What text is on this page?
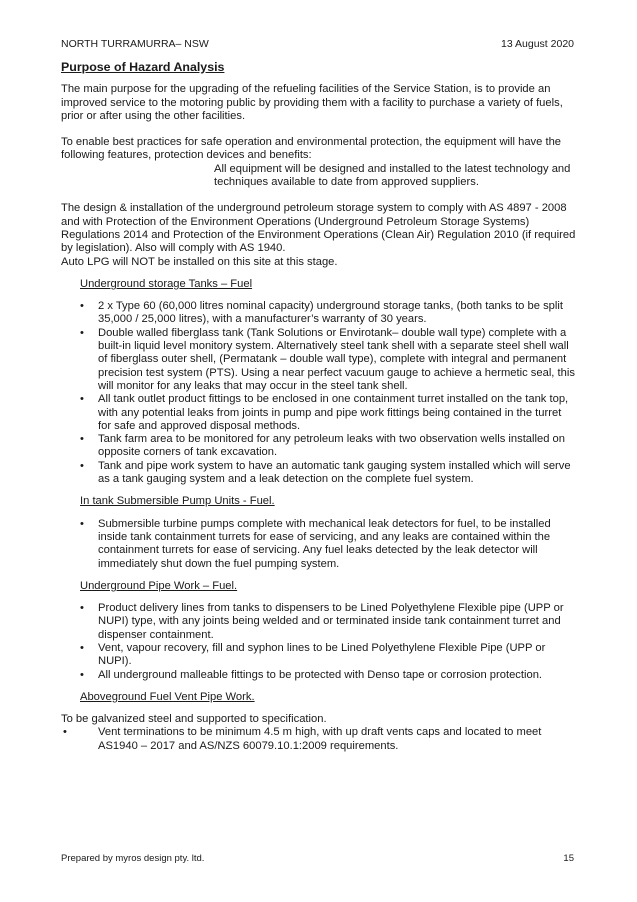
NORTH TURRAMURRA– NSW	13 August 2020
Purpose of Hazard Analysis

The main purpose for the upgrading of the refueling facilities of the Service Station, is to provide an improved service to the motoring public by providing them with a facility to purchase a variety of fuels, prior or after using the other facilities.

To enable best practices for safe operation and environmental protection, the equipment will have the following features, protection devices and benefits:

All equipment will be designed and installed to the latest technology and techniques available to date from approved suppliers.

The design & installation of the underground petroleum storage system to comply with AS 4897 - 2008 and with Protection of the Environment Operations (Underground Petroleum Storage Systems) Regulations 2014 and Protection of the Environment Operations (Clean Air) Regulation 2010 (if required by legislation). Also will comply with AS 1940.

Auto LPG will NOT be installed on this site at this stage.

Underground storage Tanks – Fuel
• 2 x Type 60 (60,000 litres nominal capacity) underground storage tanks, (both tanks to be split 35,000 / 25,000 litres), with a manufacturer’s warranty of 30 years.
• Double walled fiberglass tank (Tank Solutions or Envirotank– double wall type) complete with a built-in liquid level monitory system. Alternatively steel tank shell with a separate steel shell wall of fiberglass outer shell, (Permatank – double wall type), complete with integral and permanent precision test system (PTS). Using a near perfect vacuum gauge to achieve a hermetic seal, this will monitor for any leaks that may occur in the steel tank shell.
• All tank outlet product fittings to be enclosed in one containment turret installed on the tank top, with any potential leaks from joints in pump and pipe work fittings being contained in the turret for safe and approved disposal methods.
• Tank farm area to be monitored for any petroleum leaks with two observation wells installed on opposite corners of tank excavation.
• Tank and pipe work system to have an automatic tank gauging system installed which will serve as a tank gauging system and a leak detection on the complete fuel system.
In tank Submersible Pump Units - Fuel.
• Submersible turbine pumps complete with mechanical leak detectors for fuel, to be installed inside tank containment turrets for ease of servicing, and any leaks are contained within the containment turrets for ease of servicing. Any fuel leaks detected by the leak detector will immediately shut down the fuel pumping system.
Underground Pipe Work – Fuel.
• Product delivery lines from tanks to dispensers to be Lined Polyethylene Flexible pipe (UPP or NUPI) type, with any joints being welded and or terminated inside tank containment turret and dispenser containment.
• Vent, vapour recovery, fill and syphon lines to be Lined Polyethylene Flexible Pipe (UPP or NUPI).
• All underground malleable fittings to be protected with Denso tape or corrosion protection.
Aboveground Fuel Vent Pipe Work.

To be galvanized steel and supported to specification.

•	Vent terminations to be minimum 4.5 m high, with up draft vents caps and located to meet AS1940 – 2017 and AS/NZS 60079.10.1:2009 requirements.
Prepared by myros design pty. ltd.	15
